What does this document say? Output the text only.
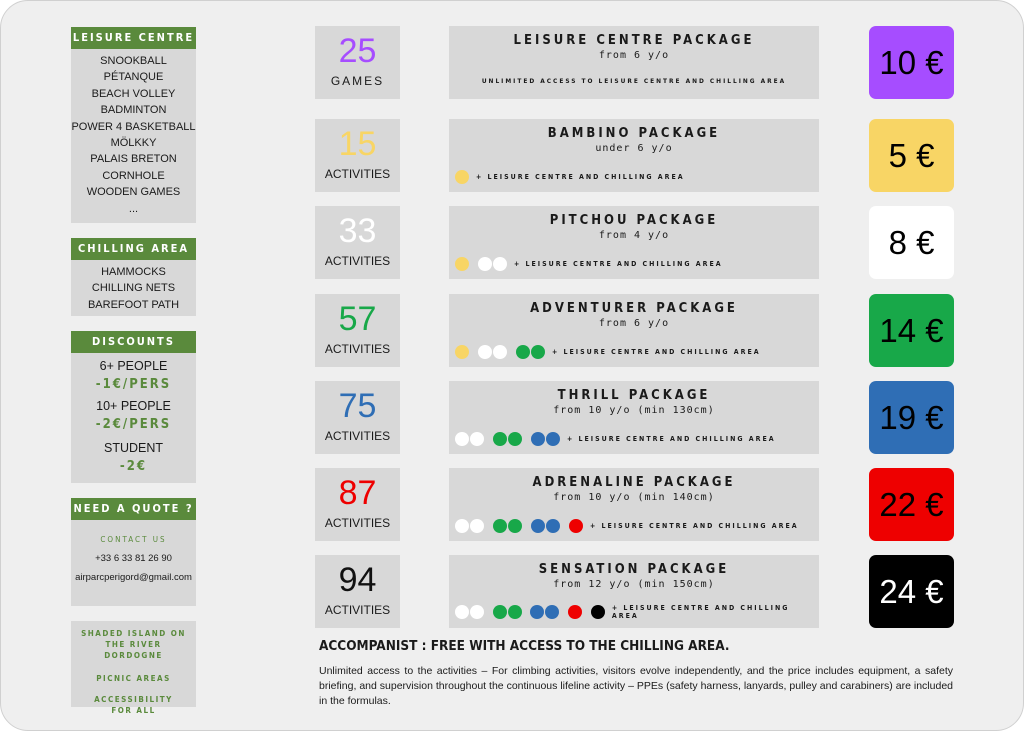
LEISURE CENTRE
SNOOKBALL
PÉTANQUE
BEACH VOLLEY
BADMINTON
POWER 4 BASKETBALL
MÖLKKY
PALAIS BRETON
CORNHOLE
WOODEN GAMES
...
CHILLING AREA
HAMMOCKS
CHILLING NETS
BAREFOOT PATH
DISCOUNTS
6+ PEOPLE
-1€/PERS
10+ PEOPLE
-2€/PERS
STUDENT
-2€
NEED A QUOTE ?
CONTACT US
+33 6 33 81 26 90
airparcperigord@gmail.com
SHADED ISLAND ON THE RIVER DORDOGNE
PICNIC AREAS
ACCESSIBILITY FOR ALL
25
GAMES
LEISURE CENTRE PACKAGE
from 6 y/o
UNLIMITED ACCESS TO LEISURE CENTRE AND CHILLING AREA	10 €
15
ACTIVITIES
BAMBINO PACKAGE
under 6 y/o
+ LEISURE CENTRE AND CHILLING AREA
5 €
33
ACTIVITIES
PITCHOU PACKAGE
from 4 y/o
+ LEISURE CENTRE AND CHILLING AREA
8 €
57
ACTIVITIES
ADVENTURER PACKAGE
from 6 y/o
+ LEISURE CENTRE AND CHILLING AREA
14 €
75
ACTIVITIES
THRILL PACKAGE
from 10 y/o (min 130cm)
+ LEISURE CENTRE AND CHILLING AREA
19 €
87
ACTIVITIES
ADRENALINE PACKAGE
from 10 y/o (min 140cm)
+ LEISURE CENTRE AND CHILLING AREA
22 €
94
ACTIVITIES
SENSATION PACKAGE
from 12 y/o (min 150cm)
+ LEISURE CENTRE AND CHILLING AREA
24 €
ACCOMPANIST : FREE WITH ACCESS TO THE CHILLING AREA.
Unlimited access to the activities – For climbing activities, visitors evolve independently, and the price includes equipment, a safety briefing, and supervision throughout the continuous lifeline activity – PPEs (safety harness, lanyards, pulley and carabiners) are included in the formulas.
